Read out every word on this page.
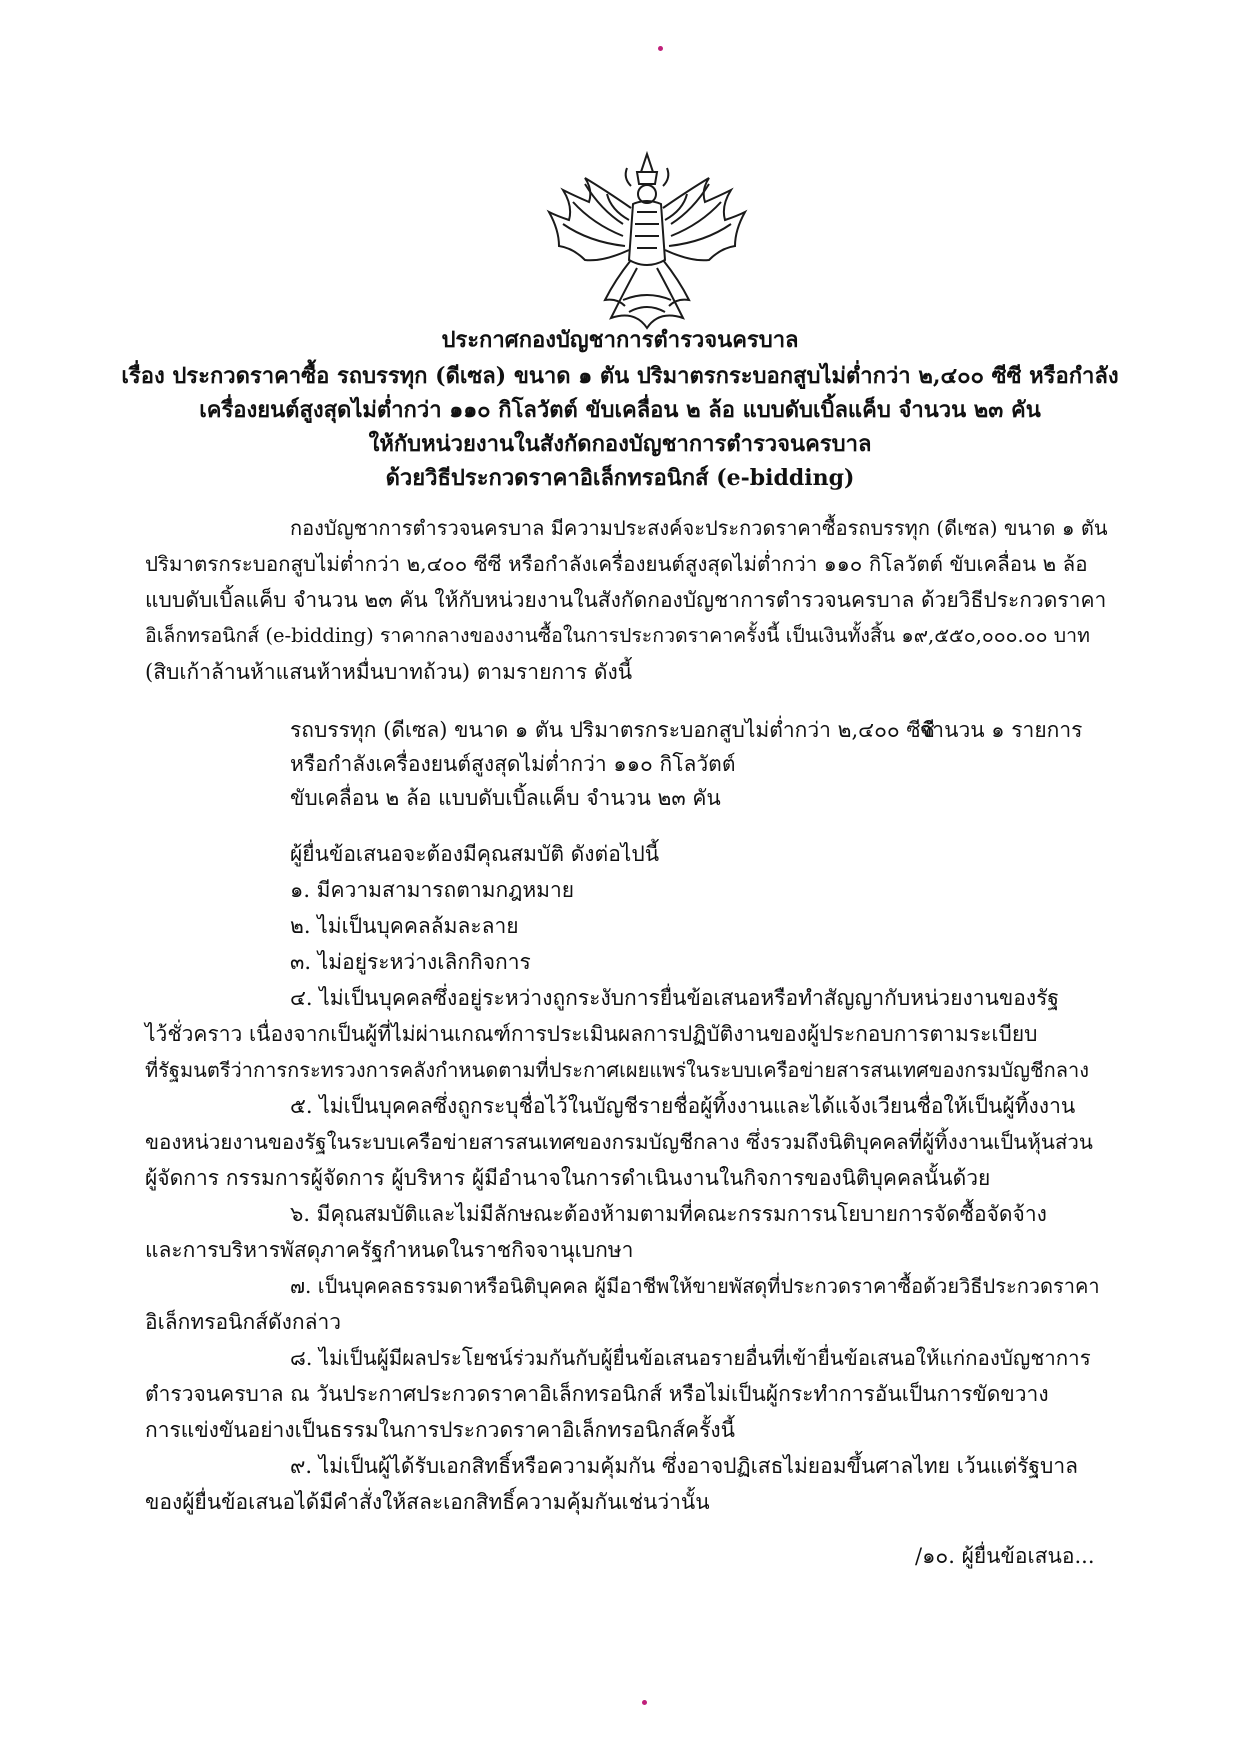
ประกาศกองบัญชาการตำรวจนครบาล
เรื่อง ประกวดราคาซื้อ รถบรรทุก (ดีเซล) ขนาด ๑ ตัน ปริมาตรกระบอกสูบไม่ต่ำกว่า ๒,๔๐๐ ซีซี หรือกำลัง
เครื่องยนต์สูงสุดไม่ต่ำกว่า ๑๑๐ กิโลวัตต์ ขับเคลื่อน ๒ ล้อ แบบดับเบิ้ลแค็บ จำนวน ๒๓ คัน
ให้กับหน่วยงานในสังกัดกองบัญชาการตำรวจนครบาล
ด้วยวิธีประกวดราคาอิเล็กทรอนิกส์ (e-bidding)
กองบัญชาการตำรวจนครบาล มีความประสงค์จะประกวดราคาซื้อรถบรรทุก (ดีเซล) ขนาด ๑ ตัน
ปริมาตรกระบอกสูบไม่ต่ำกว่า ๒,๔๐๐ ซีซี หรือกำลังเครื่องยนต์สูงสุดไม่ต่ำกว่า ๑๑๐ กิโลวัตต์ ขับเคลื่อน ๒ ล้อ
แบบดับเบิ้ลแค็บ จำนวน ๒๓ คัน ให้กับหน่วยงานในสังกัดกองบัญชาการตำรวจนครบาล ด้วยวิธีประกวดราคา
อิเล็กทรอนิกส์ (e-bidding) ราคากลางของงานซื้อในการประกวดราคาครั้งนี้ เป็นเงินทั้งสิ้น ๑๙,๕๕๐,๐๐๐.๐๐ บาท
(สิบเก้าล้านห้าแสนห้าหมื่นบาทถ้วน) ตามรายการ ดังนี้
รถบรรทุก (ดีเซล) ขนาด ๑ ตัน ปริมาตรกระบอกสูบไม่ต่ำกว่า ๒,๔๐๐ ซีซี
จำนวน ๑ รายการ
หรือกำลังเครื่องยนต์สูงสุดไม่ต่ำกว่า ๑๑๐ กิโลวัตต์
ขับเคลื่อน ๒ ล้อ แบบดับเบิ้ลแค็บ จำนวน ๒๓ คัน
ผู้ยื่นข้อเสนอจะต้องมีคุณสมบัติ ดังต่อไปนี้
๑. มีความสามารถตามกฎหมาย
๒. ไม่เป็นบุคคลล้มละลาย
๓. ไม่อยู่ระหว่างเลิกกิจการ
๔. ไม่เป็นบุคคลซึ่งอยู่ระหว่างถูกระงับการยื่นข้อเสนอหรือทำสัญญากับหน่วยงานของรัฐ
ไว้ชั่วคราว เนื่องจากเป็นผู้ที่ไม่ผ่านเกณฑ์การประเมินผลการปฏิบัติงานของผู้ประกอบการตามระเบียบ
ที่รัฐมนตรีว่าการกระทรวงการคลังกำหนดตามที่ประกาศเผยแพร่ในระบบเครือข่ายสารสนเทศของกรมบัญชีกลาง
๕. ไม่เป็นบุคคลซึ่งถูกระบุชื่อไว้ในบัญชีรายชื่อผู้ทิ้งงานและได้แจ้งเวียนชื่อให้เป็นผู้ทิ้งงาน
ของหน่วยงานของรัฐในระบบเครือข่ายสารสนเทศของกรมบัญชีกลาง ซึ่งรวมถึงนิติบุคคลที่ผู้ทิ้งงานเป็นหุ้นส่วน
ผู้จัดการ กรรมการผู้จัดการ ผู้บริหาร ผู้มีอำนาจในการดำเนินงานในกิจการของนิติบุคคลนั้นด้วย
๖. มีคุณสมบัติและไม่มีลักษณะต้องห้ามตามที่คณะกรรมการนโยบายการจัดซื้อจัดจ้าง
และการบริหารพัสดุภาครัฐกำหนดในราชกิจจานุเบกษา
๗. เป็นบุคคลธรรมดาหรือนิติบุคคล ผู้มีอาชีพให้ขายพัสดุที่ประกวดราคาซื้อด้วยวิธีประกวดราคา
อิเล็กทรอนิกส์ดังกล่าว
๘. ไม่เป็นผู้มีผลประโยชน์ร่วมกันกับผู้ยื่นข้อเสนอรายอื่นที่เข้ายื่นข้อเสนอให้แก่กองบัญชาการ
ตำรวจนครบาล ณ วันประกาศประกวดราคาอิเล็กทรอนิกส์ หรือไม่เป็นผู้กระทำการอันเป็นการขัดขวาง
การแข่งขันอย่างเป็นธรรมในการประกวดราคาอิเล็กทรอนิกส์ครั้งนี้
๙. ไม่เป็นผู้ได้รับเอกสิทธิ์หรือความคุ้มกัน ซึ่งอาจปฏิเสธไม่ยอมขึ้นศาลไทย เว้นแต่รัฐบาล
ของผู้ยื่นข้อเสนอได้มีคำสั่งให้สละเอกสิทธิ์ความคุ้มกันเช่นว่านั้น
/๑๐. ผู้ยื่นข้อเสนอ...
